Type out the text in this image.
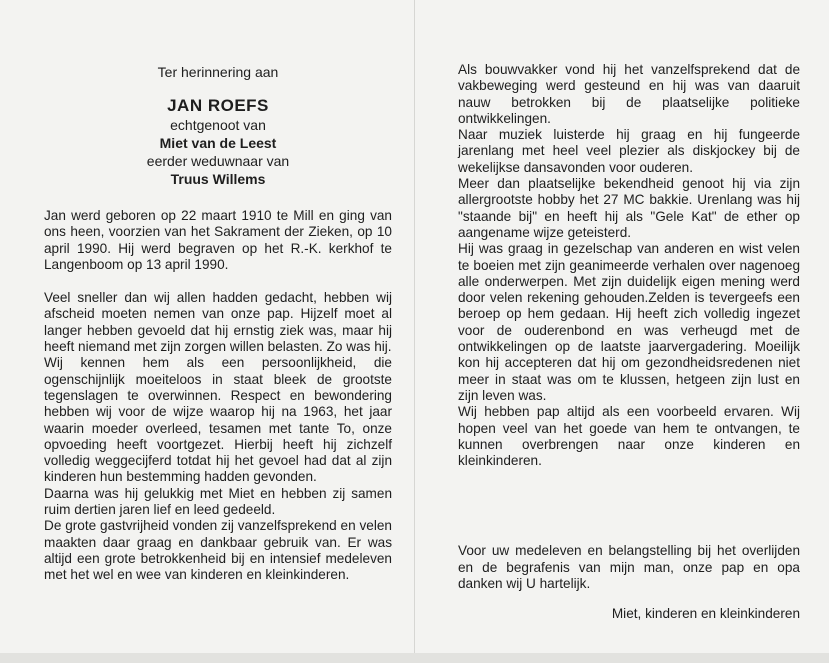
Ter herinnering aan

JAN ROEFS

echtgenoot van

Miet van de Leest

eerder weduwnaar van

Truus Willems

Jan werd geboren op 22 maart 1910 te Mill en ging van ons heen, voorzien van het Sakrament der Zieken, op 10 april 1990. Hij werd begraven op het R.-K. kerkhof te Langenboom op 13 april 1990.

Veel sneller dan wij allen hadden gedacht, hebben wij afscheid moeten nemen van onze pap. Hijzelf moet al langer hebben gevoeld dat hij ernstig ziek was, maar hij heeft niemand met zijn zorgen willen belasten. Zo was hij.

Wij kennen hem als een persoonlijkheid, die ogenschijnlijk moeiteloos in staat bleek de grootste tegenslagen te overwinnen. Respect en bewondering hebben wij voor de wijze waarop hij na 1963, het jaar waarin moeder overleed, tesamen met tante To, onze opvoeding heeft voortgezet. Hierbij heeft hij zichzelf volledig weggecijferd totdat hij het gevoel had dat al zijn kinderen hun bestemming hadden gevonden.

Daarna was hij gelukkig met Miet en hebben zij samen ruim dertien jaren lief en leed gedeeld.

De grote gastvrijheid vonden zij vanzelfsprekend en velen maakten daar graag en dankbaar gebruik van. Er was altijd een grote betrokkenheid bij en intensief medeleven met het wel en wee van kinderen en kleinkinderen.

Als bouwvakker vond hij het vanzelfsprekend dat de vakbeweging werd gesteund en hij was van daaruit nauw betrokken bij de plaatselijke politieke ontwikkelingen.

Naar muziek luisterde hij graag en hij fungeerde jarenlang met heel veel plezier als diskjockey bij de wekelijkse dansavonden voor ouderen.

Meer dan plaatselijke bekendheid genoot hij via zijn allergrootste hobby het 27 MC bakkie. Urenlang was hij "staande bij" en heeft hij als "Gele Kat" de ether op aangename wijze geteisterd.

Hij was graag in gezelschap van anderen en wist velen te boeien met zijn geanimeerde verhalen over nagenoeg alle onderwerpen. Met zijn duidelijk eigen mening werd door velen rekening gehouden.Zelden is tevergeefs een beroep op hem gedaan. Hij heeft zich volledig ingezet voor de ouderenbond en was verheugd met de ontwikkelingen op de laatste jaarvergadering. Moeilijk kon hij accepteren dat hij om gezondheidsredenen niet meer in staat was om te klussen, hetgeen zijn lust en zijn leven was.

Wij hebben pap altijd als een voorbeeld ervaren. Wij hopen veel van het goede van hem te ontvangen, te kunnen overbrengen naar onze kinderen en kleinkinderen.

Voor uw medeleven en belangstelling bij het overlijden en de begrafenis van mijn man, onze pap en opa danken wij U hartelijk.

Miet, kinderen en kleinkinderen
